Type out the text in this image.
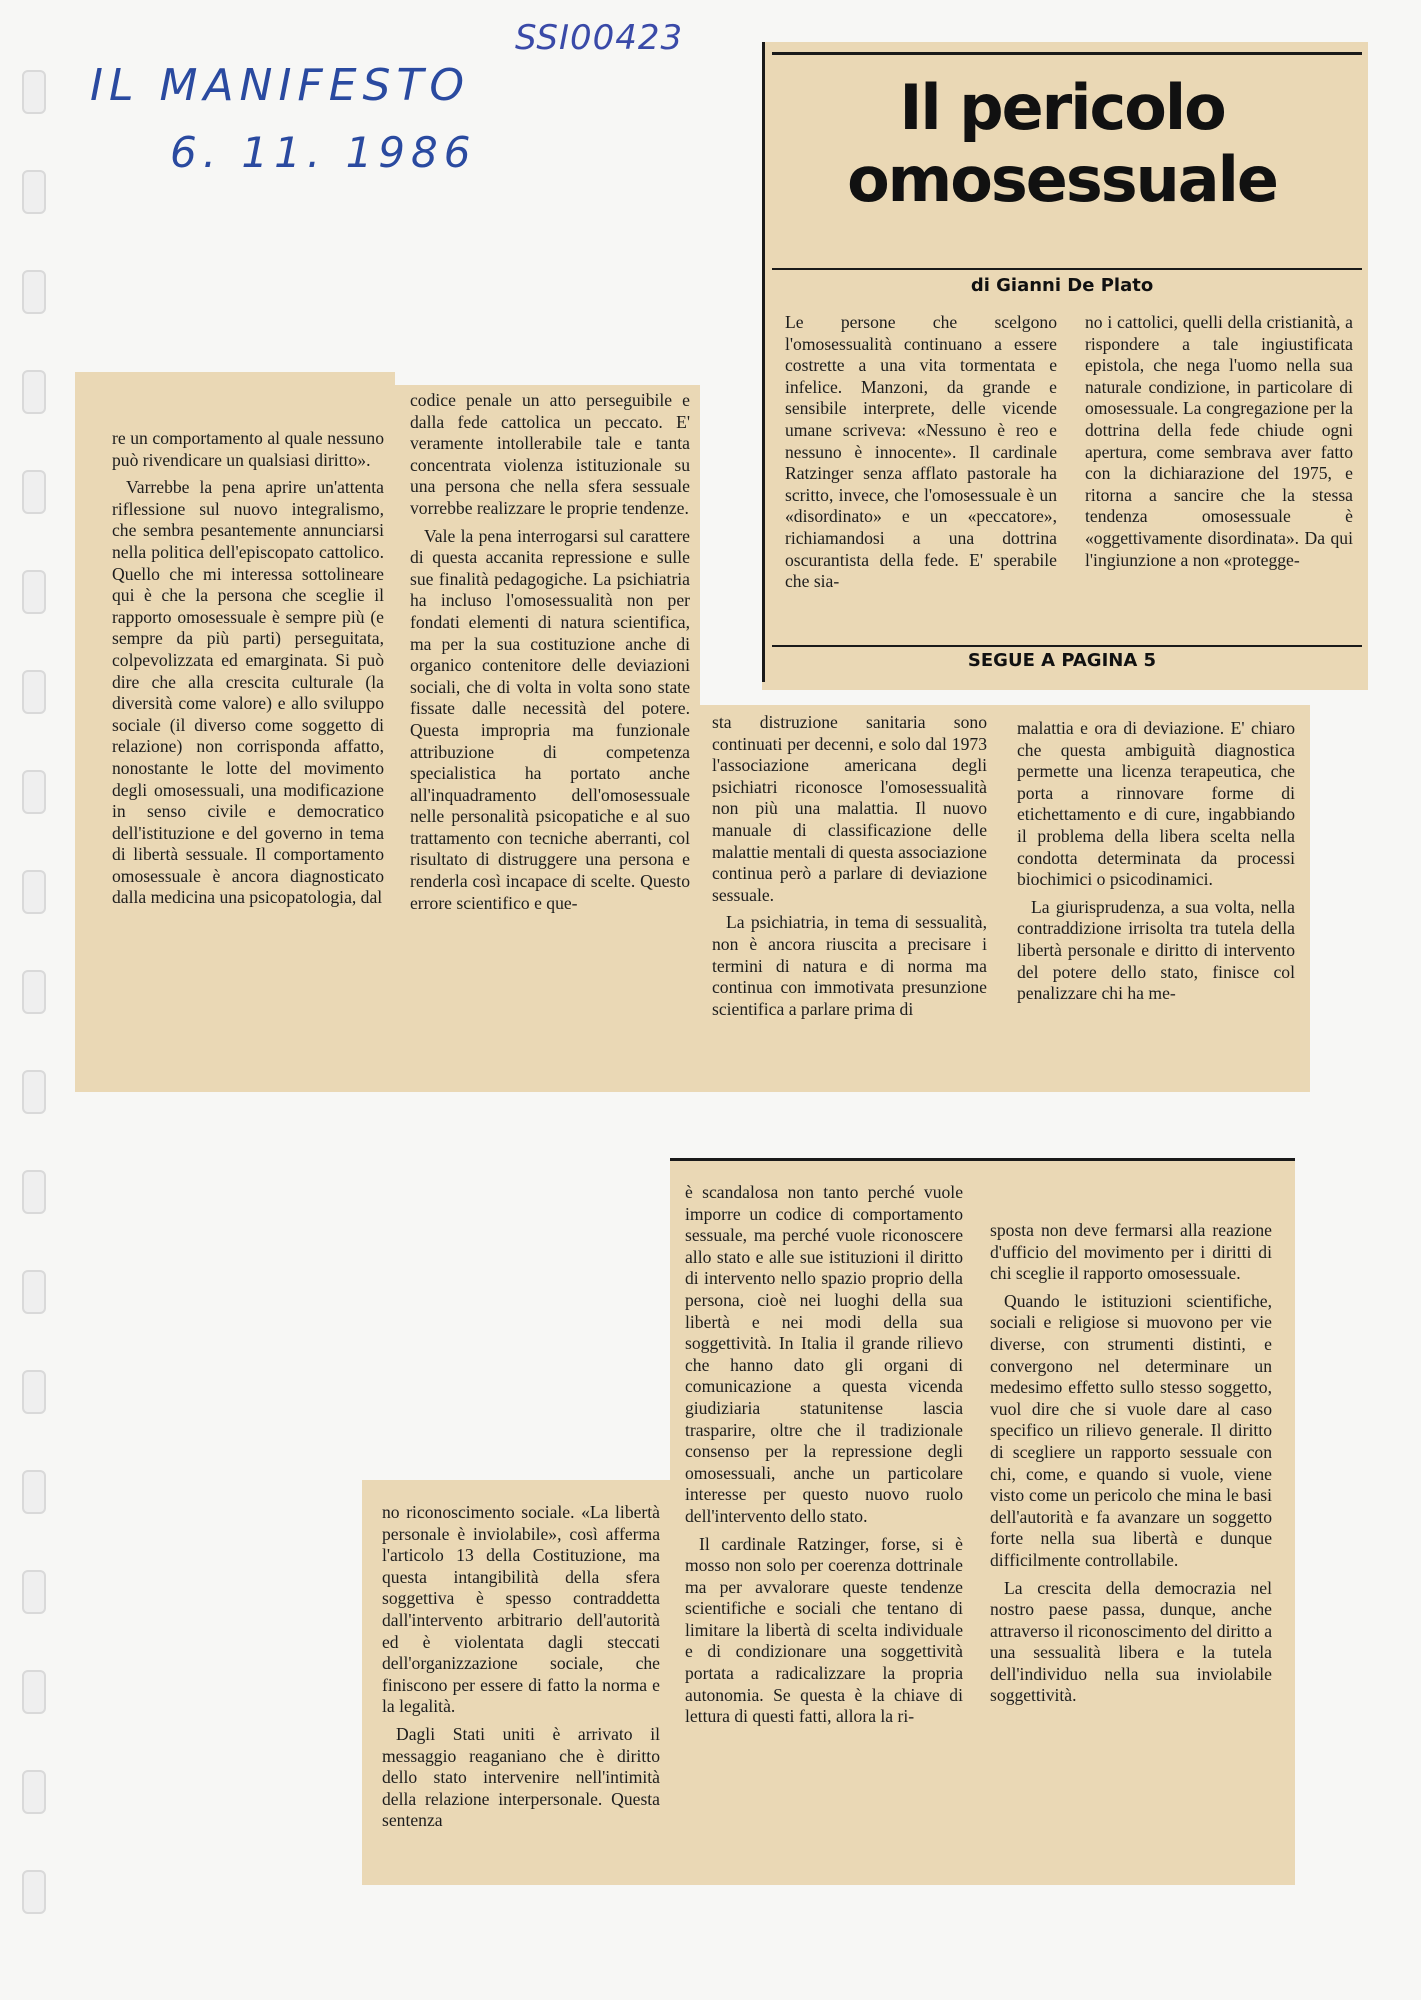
SSI00423
IL MANIFESTO
6. 11. 1986
Il pericolo
omosessuale
di Gianni De Plato

Le persone che scelgono l'omosessualità continuano a essere costrette a una vita tormentata e infelice. Manzoni, da grande e sensibile interprete, delle vicende umane scriveva: «Nessuno è reo e nessuno è innocente». Il cardinale Ratzinger senza afflato pastorale ha scritto, invece, che l'omosessuale è un «disordinato» e un «peccatore», richiamandosi a una dottrina oscurantista della fede. E' sperabile che sia-

no i cattolici, quelli della cristianità, a rispondere a tale ingiustificata epistola, che nega l'uomo nella sua naturale condizione, in particolare di omosessuale. La congregazione per la dottrina della fede chiude ogni apertura, come sembrava aver fatto con la dichiarazione del 1975, e ritorna a sancire che la stessa tendenza omosessuale è «oggettivamente disordinata». Da qui l'ingiunzione a non «protegge-

SEGUE A PAGINA 5

re un comportamento al quale nessuno può rivendicare un qualsiasi diritto».

Varrebbe la pena aprire un'attenta riflessione sul nuovo integralismo, che sembra pesantemente annunciarsi nella politica dell'episcopato cattolico. Quello che mi interessa sottolineare qui è che la persona che sceglie il rapporto omosessuale è sempre più (e sempre da più parti) perseguitata, colpevolizzata ed emarginata. Si può dire che alla crescita culturale (la diversità come valore) e allo sviluppo sociale (il diverso come soggetto di relazione) non corrisponda affatto, nonostante le lotte del movimento degli omosessuali, una modificazione in senso civile e democratico dell'istituzione e del governo in tema di libertà sessuale. Il comportamento omosessuale è ancora diagnosticato dalla medicina una psicopatologia, dal

codice penale un atto perseguibile e dalla fede cattolica un peccato. E' veramente intollerabile tale e tanta concentrata violenza istituzionale su una persona che nella sfera sessuale vorrebbe realizzare le proprie tendenze.

Vale la pena interrogarsi sul carattere di questa accanita repressione e sulle sue finalità pedagogiche. La psichiatria ha incluso l'omosessualità non per fondati elementi di natura scientifica, ma per la sua costituzione anche di organico contenitore delle deviazioni sociali, che di volta in volta sono state fissate dalle necessità del potere. Questa impropria ma funzionale attribuzione di competenza specialistica ha portato anche all'inquadramento dell'omosessuale nelle personalità psicopatiche e al suo trattamento con tecniche aberranti, col risultato di distruggere una persona e renderla così incapace di scelte. Questo errore scientifico e que-

sta distruzione sanitaria sono continuati per decenni, e solo dal 1973 l'associazione americana degli psichiatri riconosce l'omosessualità non più una malattia. Il nuovo manuale di classificazione delle malattie mentali di questa associazione continua però a parlare di deviazione sessuale.

La psichiatria, in tema di sessualità, non è ancora riuscita a precisare i termini di natura e di norma ma continua con immotivata presunzione scientifica a parlare prima di

malattia e ora di deviazione. E' chiaro che questa ambiguità diagnostica permette una licenza terapeutica, che porta a rinnovare forme di etichettamento e di cure, ingabbiando il problema della libera scelta nella condotta determinata da processi biochimici o psicodinamici.

La giurisprudenza, a sua volta, nella contraddizione irrisolta tra tutela della libertà personale e diritto di intervento del potere dello stato, finisce col penalizzare chi ha me-

no riconoscimento sociale. «La libertà personale è inviolabile», così afferma l'articolo 13 della Costituzione, ma questa intangibilità della sfera soggettiva è spesso contraddetta dall'intervento arbitrario dell'autorità ed è violentata dagli steccati dell'organizzazione sociale, che finiscono per essere di fatto la norma e la legalità.

Dagli Stati uniti è arrivato il messaggio reaganiano che è diritto dello stato intervenire nell'intimità della relazione interpersonale. Questa sentenza

è scandalosa non tanto perché vuole imporre un codice di comportamento sessuale, ma perché vuole riconoscere allo stato e alle sue istituzioni il diritto di intervento nello spazio proprio della persona, cioè nei luoghi della sua libertà e nei modi della sua soggettività. In Italia il grande rilievo che hanno dato gli organi di comunicazione a questa vicenda giudiziaria statunitense lascia trasparire, oltre che il tradizionale consenso per la repressione degli omosessuali, anche un particolare interesse per questo nuovo ruolo dell'intervento dello stato.

Il cardinale Ratzinger, forse, si è mosso non solo per coerenza dottrinale ma per avvalorare queste tendenze scientifiche e sociali che tentano di limitare la libertà di scelta individuale e di condizionare una soggettività portata a radicalizzare la propria autonomia. Se questa è la chiave di lettura di questi fatti, allora la ri-

sposta non deve fermarsi alla reazione d'ufficio del movimento per i diritti di chi sceglie il rapporto omosessuale.

Quando le istituzioni scientifiche, sociali e religiose si muovono per vie diverse, con strumenti distinti, e convergono nel determinare un medesimo effetto sullo stesso soggetto, vuol dire che si vuole dare al caso specifico un rilievo generale. Il diritto di scegliere un rapporto sessuale con chi, come, e quando si vuole, viene visto come un pericolo che mina le basi dell'autorità e fa avanzare un soggetto forte nella sua libertà e dunque difficilmente controllabile.

La crescita della democrazia nel nostro paese passa, dunque, anche attraverso il riconoscimento del diritto a una sessualità libera e la tutela dell'individuo nella sua inviolabile soggettività.
